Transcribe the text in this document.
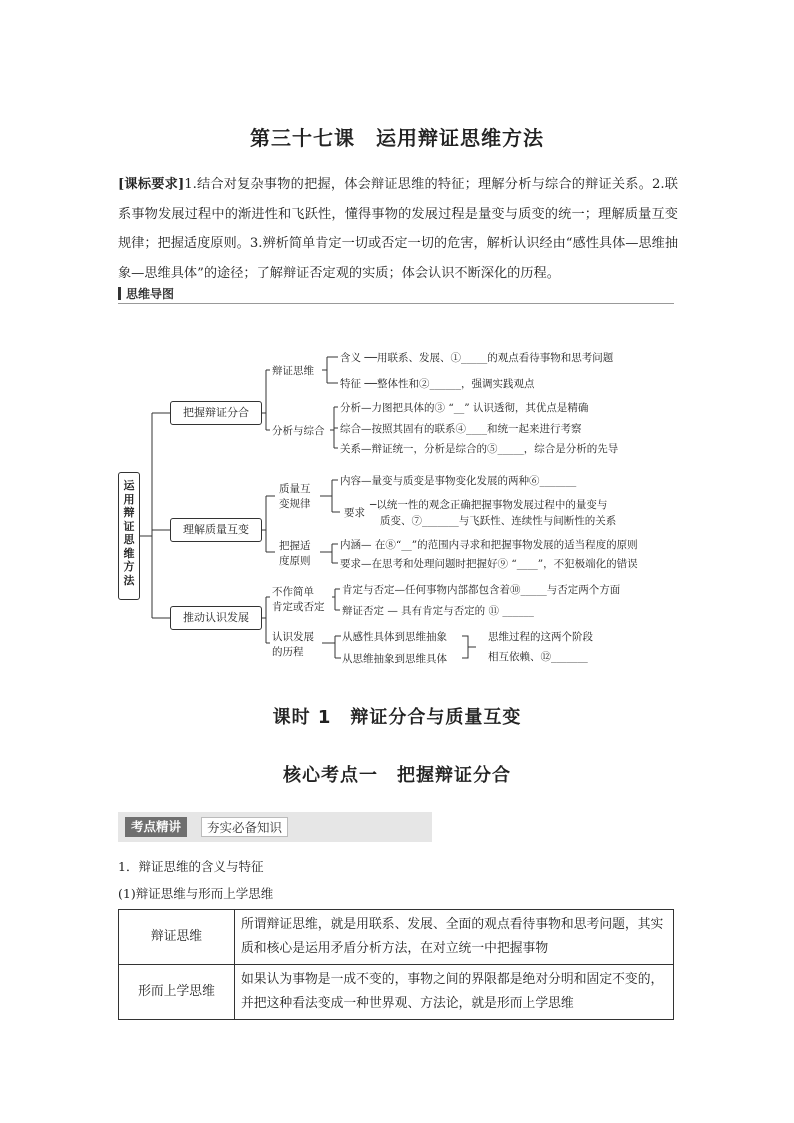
第三十七课　运用辩证思维方法
[课标要求]1.结合对复杂事物的把握，体会辩证思维的特征；理解分析与综合的辩证关系。2.联系事物发展过程中的渐进性和飞跃性，懂得事物的发展过程是量变与质变的统一；理解质量互变规律；把握适度原则。3.辨析简单肯定一切或否定一切的危害，解析认识经由“感性具体—思维抽象—思维具体”的途径；了解辩证否定观的实质；体会认识不断深化的历程。
思维导图
运
用
辩
证
思
维
方
法
把握辩证分合
理解质量互变
推动认识发展
辩证思维
分析与综合
质量互
变规律
把握适
度原则
不作简单
肯定或否定
认识发展
的历程
含义 ──用联系、发展、①_____的观点看待事物和思考问题
特征 ──整体性和②______，强调实践观点
分析—力图把具体的③ “__” 认识透彻，其优点是精确
综合—按照其固有的联系④____和统一起来进行考察
关系—辩证统一，分析是综合的⑤_____，综合是分析的先导
内容—量变与质变是事物变化发展的两种⑥_______
要求
─以统一性的观念正确把握事物发展过程中的量变与
质变、⑦_______与飞跃性、连续性与间断性的关系
内涵— 在⑧“__”的范围内寻求和把握事物发展的适当程度的原则
要求—在思考和处理问题时把握好⑨ “____”，不犯极端化的错误
肯定与否定—任何事物内部都包含着⑩_____与否定两个方面
辩证否定 — 具有肯定与否定的 ⑪ ______
从感性具体到思维抽象
从思维抽象到思维具体
思维过程的这两个阶段
相互依赖、⑫_______
课时 1　辩证分合与质量互变
核心考点一　把握辩证分合
考点精讲	夯实必备知识
1．辩证思维的含义与特征
(1)辩证思维与形而上学思维
辩证思维	所谓辩证思维，就是用联系、发展、全面的观点看待事物和思考问题，其实质和核心是运用矛盾分析方法，在对立统一中把握事物
形而上学思维	如果认为事物是一成不变的，事物之间的界限都是绝对分明和固定不变的，并把这种看法变成一种世界观、方法论，就是形而上学思维
